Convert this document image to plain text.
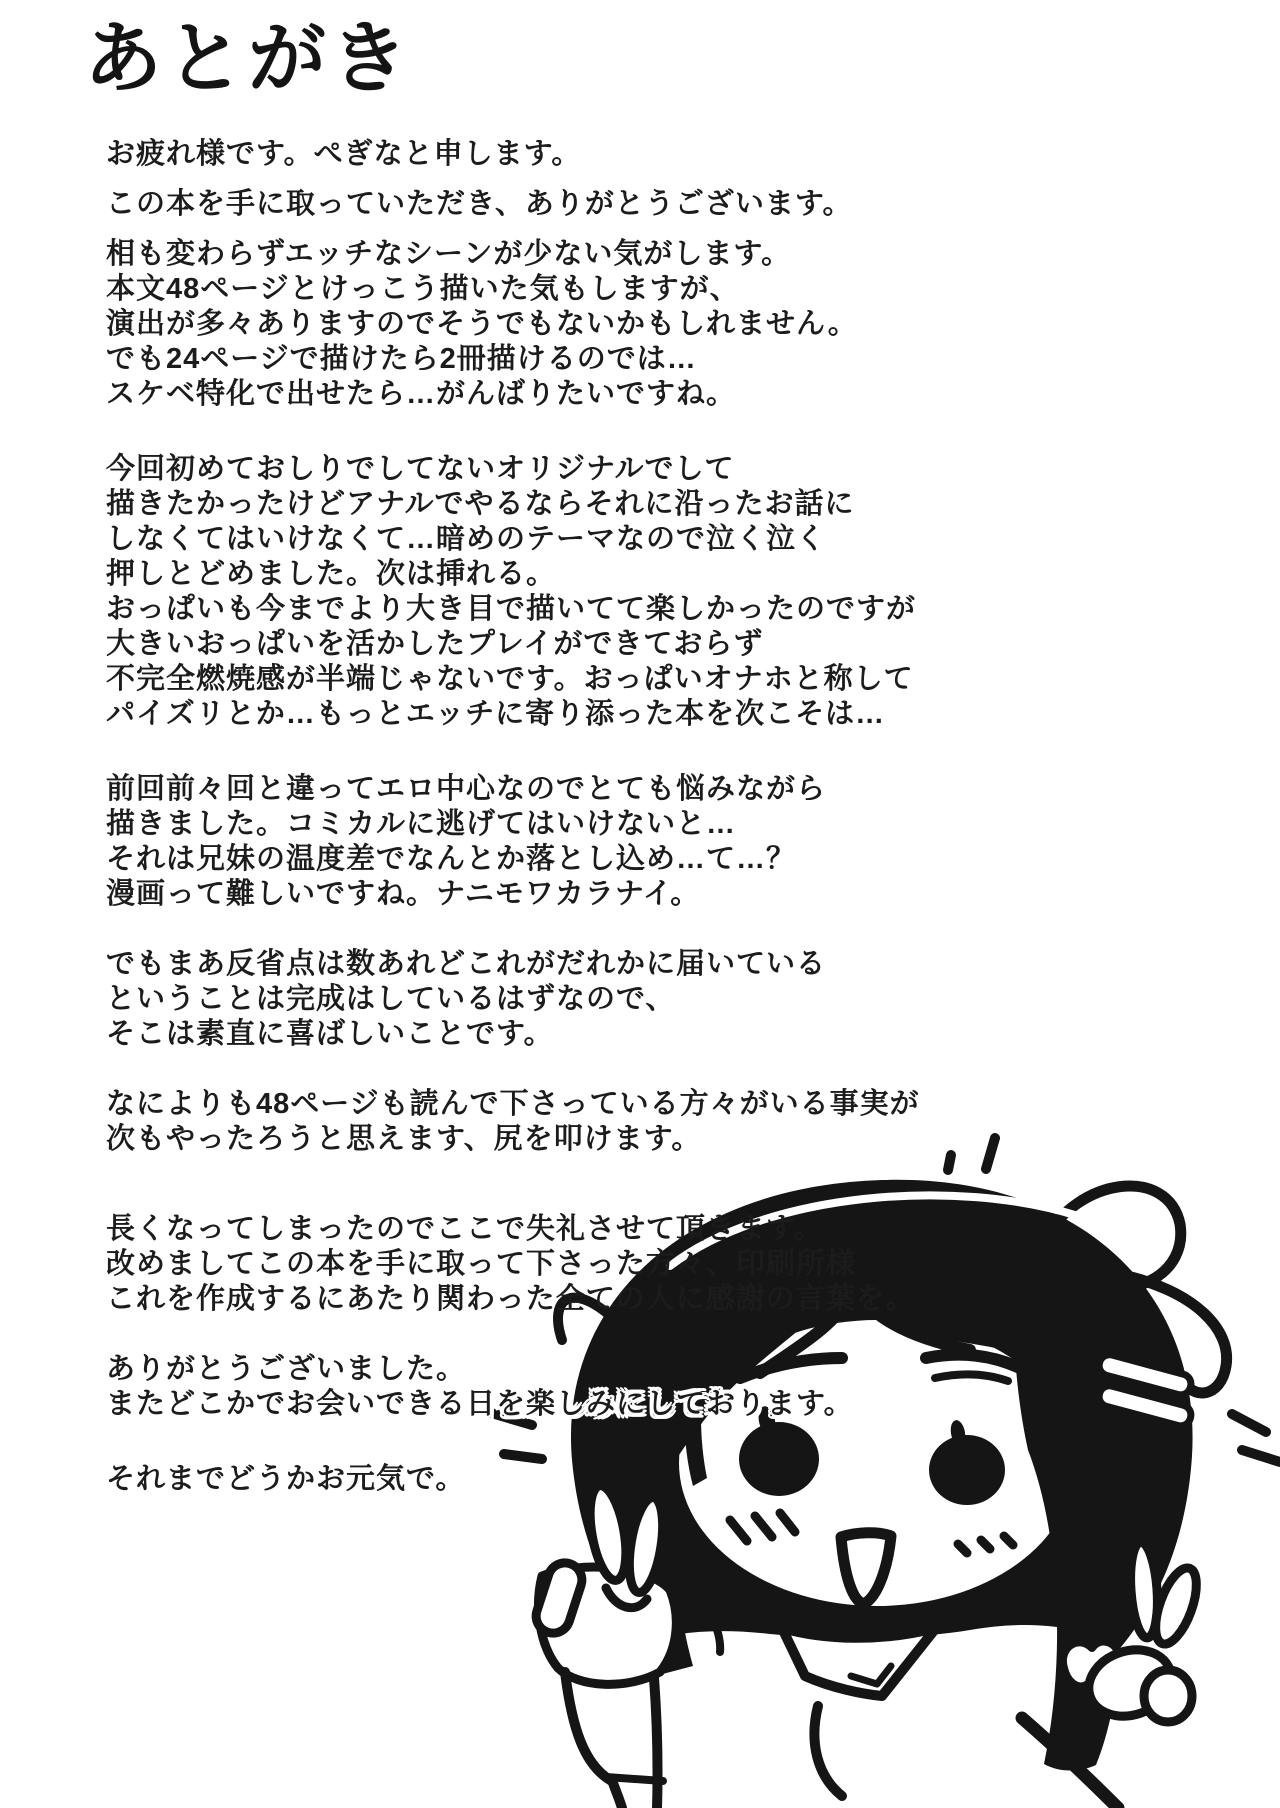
あとがき
お疲れ様です。ぺぎなと申します。
この本を手に取っていただき、ありがとうございます。
相も変わらずエッチなシーンが少ない気がします。
本文48ページとけっこう描いた気もしますが、
演出が多々ありますのでそうでもないかもしれません。
でも24ページで描けたら2冊描けるのでは…
スケベ特化で出せたら…がんばりたいですね。
今回初めておしりでしてないオリジナルでして
描きたかったけどアナルでやるならそれに沿ったお話に
しなくてはいけなくて…暗めのテーマなので泣く泣く
押しとどめました。次は挿れる。
おっぱいも今までより大き目で描いてて楽しかったのですが
大きいおっぱいを活かしたプレイができておらず
不完全燃焼感が半端じゃないです。おっぱいオナホと称して
パイズリとか…もっとエッチに寄り添った本を次こそは…
前回前々回と違ってエロ中心なのでとても悩みながら
描きました。コミカルに逃げてはいけないと…
それは兄妹の温度差でなんとか落とし込め…て…？
漫画って難しいですね。ナニモワカラナイ。
でもまあ反省点は数あれどこれがだれかに届いている
ということは完成はしているはずなので、
そこは素直に喜ばしいことです。
なによりも48ページも読んで下さっている方々がいる事実が
次もやったろうと思えます、尻を叩けます。
長くなってしまったのでここで失礼させて頂きます。
改めましてこの本を手に取って下さった方々、印刷所様
これを作成するにあたり関わった全ての人に感謝の言葉を。
ありがとうございました。
またどこかでお会いできる日を楽しみにしております。
それまでどうかお元気で。
